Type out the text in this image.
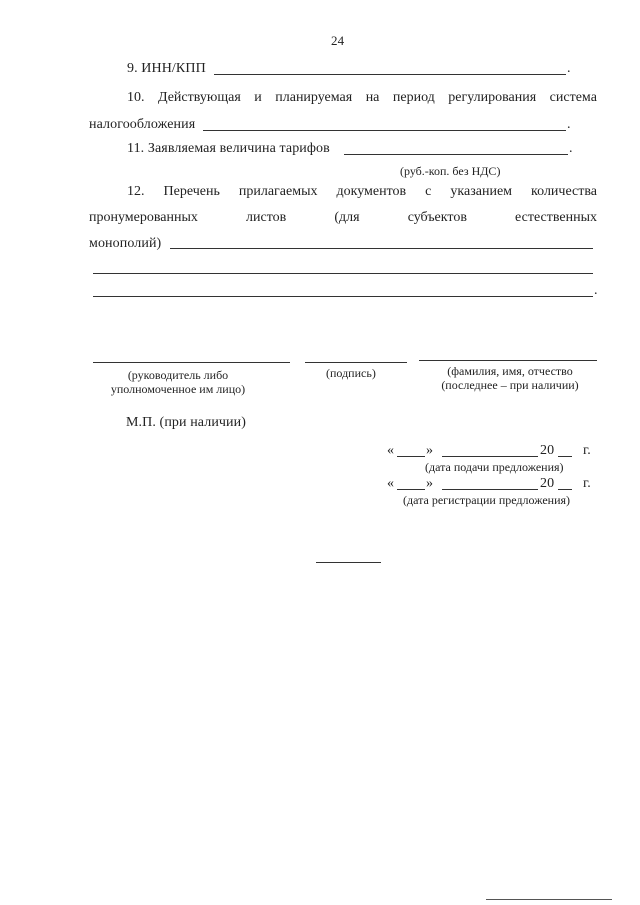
24
9. ИНН/КПП	.
10. Действующая и планируемая на период регулирования система
налогообложения	.
11. Заявляемая величина тарифов	.
(руб.-коп. без НДС)
12. Перечень прилагаемых документов с указанием количества
пронумерованных	листов	(для	субъектов	естественных
монополий)
.
(руководитель либо
уполномоченное им лицо)
(подпись)	(фамилия, имя, отчество
(последнее – при наличии)
М.П. (при наличии)
« »	20 г.
(дата подачи предложения)
« »	20 г.
(дата регистрации предложения)
